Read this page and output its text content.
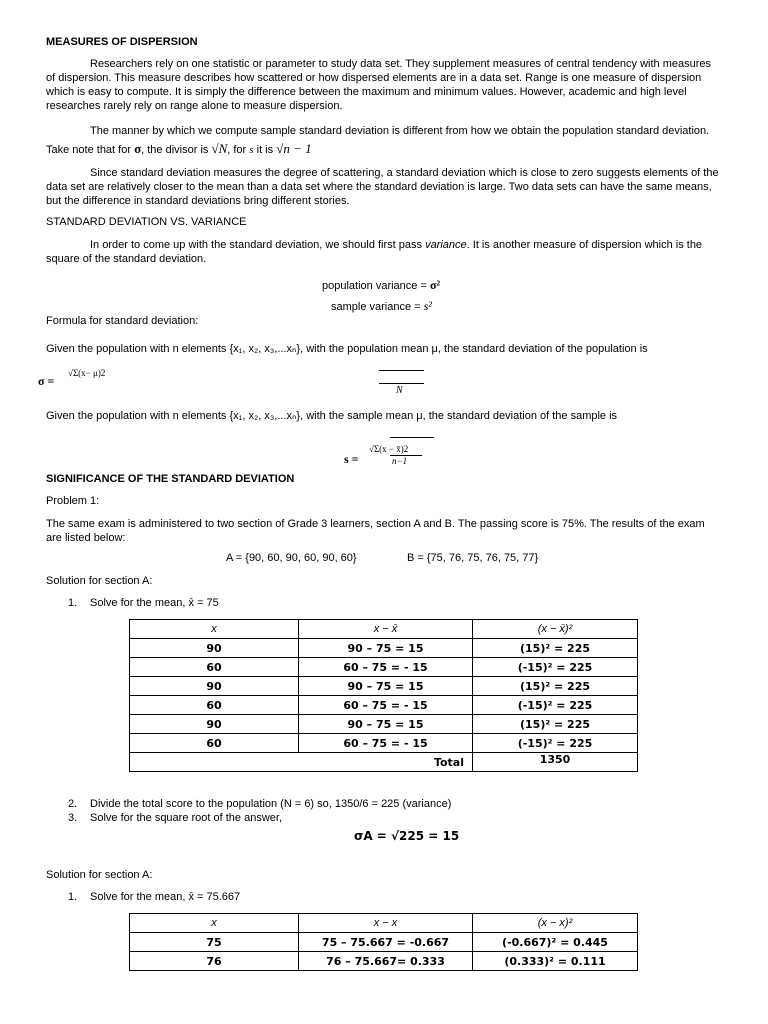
MEASURES OF DISPERSION

Researchers rely on one statistic or parameter to study data set. They supplement measures of central tendency with measures of dispersion. This measure describes how scattered or how dispersed elements are in a data set. Range is one measure of dispersion which is easy to compute. It is simply the difference between the maximum and minimum values. However, academic and high level researches rarely rely on range alone to measure dispersion.

The manner by which we compute sample standard deviation is different from how we obtain the population standard deviation. Take note that for σ, the divisor is √N, for s it is √n − 1

Since standard deviation measures the degree of scattering, a standard deviation which is close to zero suggests elements of the data set are relatively closer to the mean than a data set where the standard deviation is large. Two data sets can have the same means, but the difference in standard deviations bring different stories.

STANDARD DEVIATION VS. VARIANCE

In order to come up with the standard deviation, we should first pass variance. It is another measure of dispersion which is the square of the standard deviation.

population variance = σ²
sample variance = s²
Formula for standard deviation:
Given the population with n elements {x₁, x₂, x₃,...xₙ}, with the population mean μ, the standard deviation of the population is
σ =
√Σ(x− μ)2
N
Given the population with n elements {x₁, x₂, x₃,...xₙ}, with the sample mean μ, the standard deviation of the sample is
s =
√Σ(x − x̄)2
n−1
SIGNIFICANCE OF THE STANDARD DEVIATION
Problem 1:

The same exam is administered to two section of Grade 3 learners, section A and B. The passing score is 75%. The results of the exam are listed below:

A = {90, 60, 90, 60, 90, 60}	B = {75, 76, 75, 76, 75, 77}
Solution for section A:
1. Solve for the mean, x̄ = 75
x	x − x̄	(x − x̄)²
90	90 – 75 = 15	(15)² = 225
60	60 – 75 = - 15	(-15)² = 225
90	90 – 75 = 15	(15)² = 225
60	60 – 75 = - 15	(-15)² = 225
90	90 – 75 = 15	(15)² = 225
60	60 – 75 = - 15	(-15)² = 225
Total		1350
2. Divide the total score to the population (N = 6) so, 1350/6 = 225 (variance)
3. Solve for the square root of the answer,
σA = √225 = 15
Solution for section A:
1. Solve for the mean, x̄ = 75.667
x	x − x	(x − x)²
75	75 – 75.667 = -0.667	(-0.667)² = 0.445
76	76 – 75.667= 0.333	(0.333)² = 0.111
